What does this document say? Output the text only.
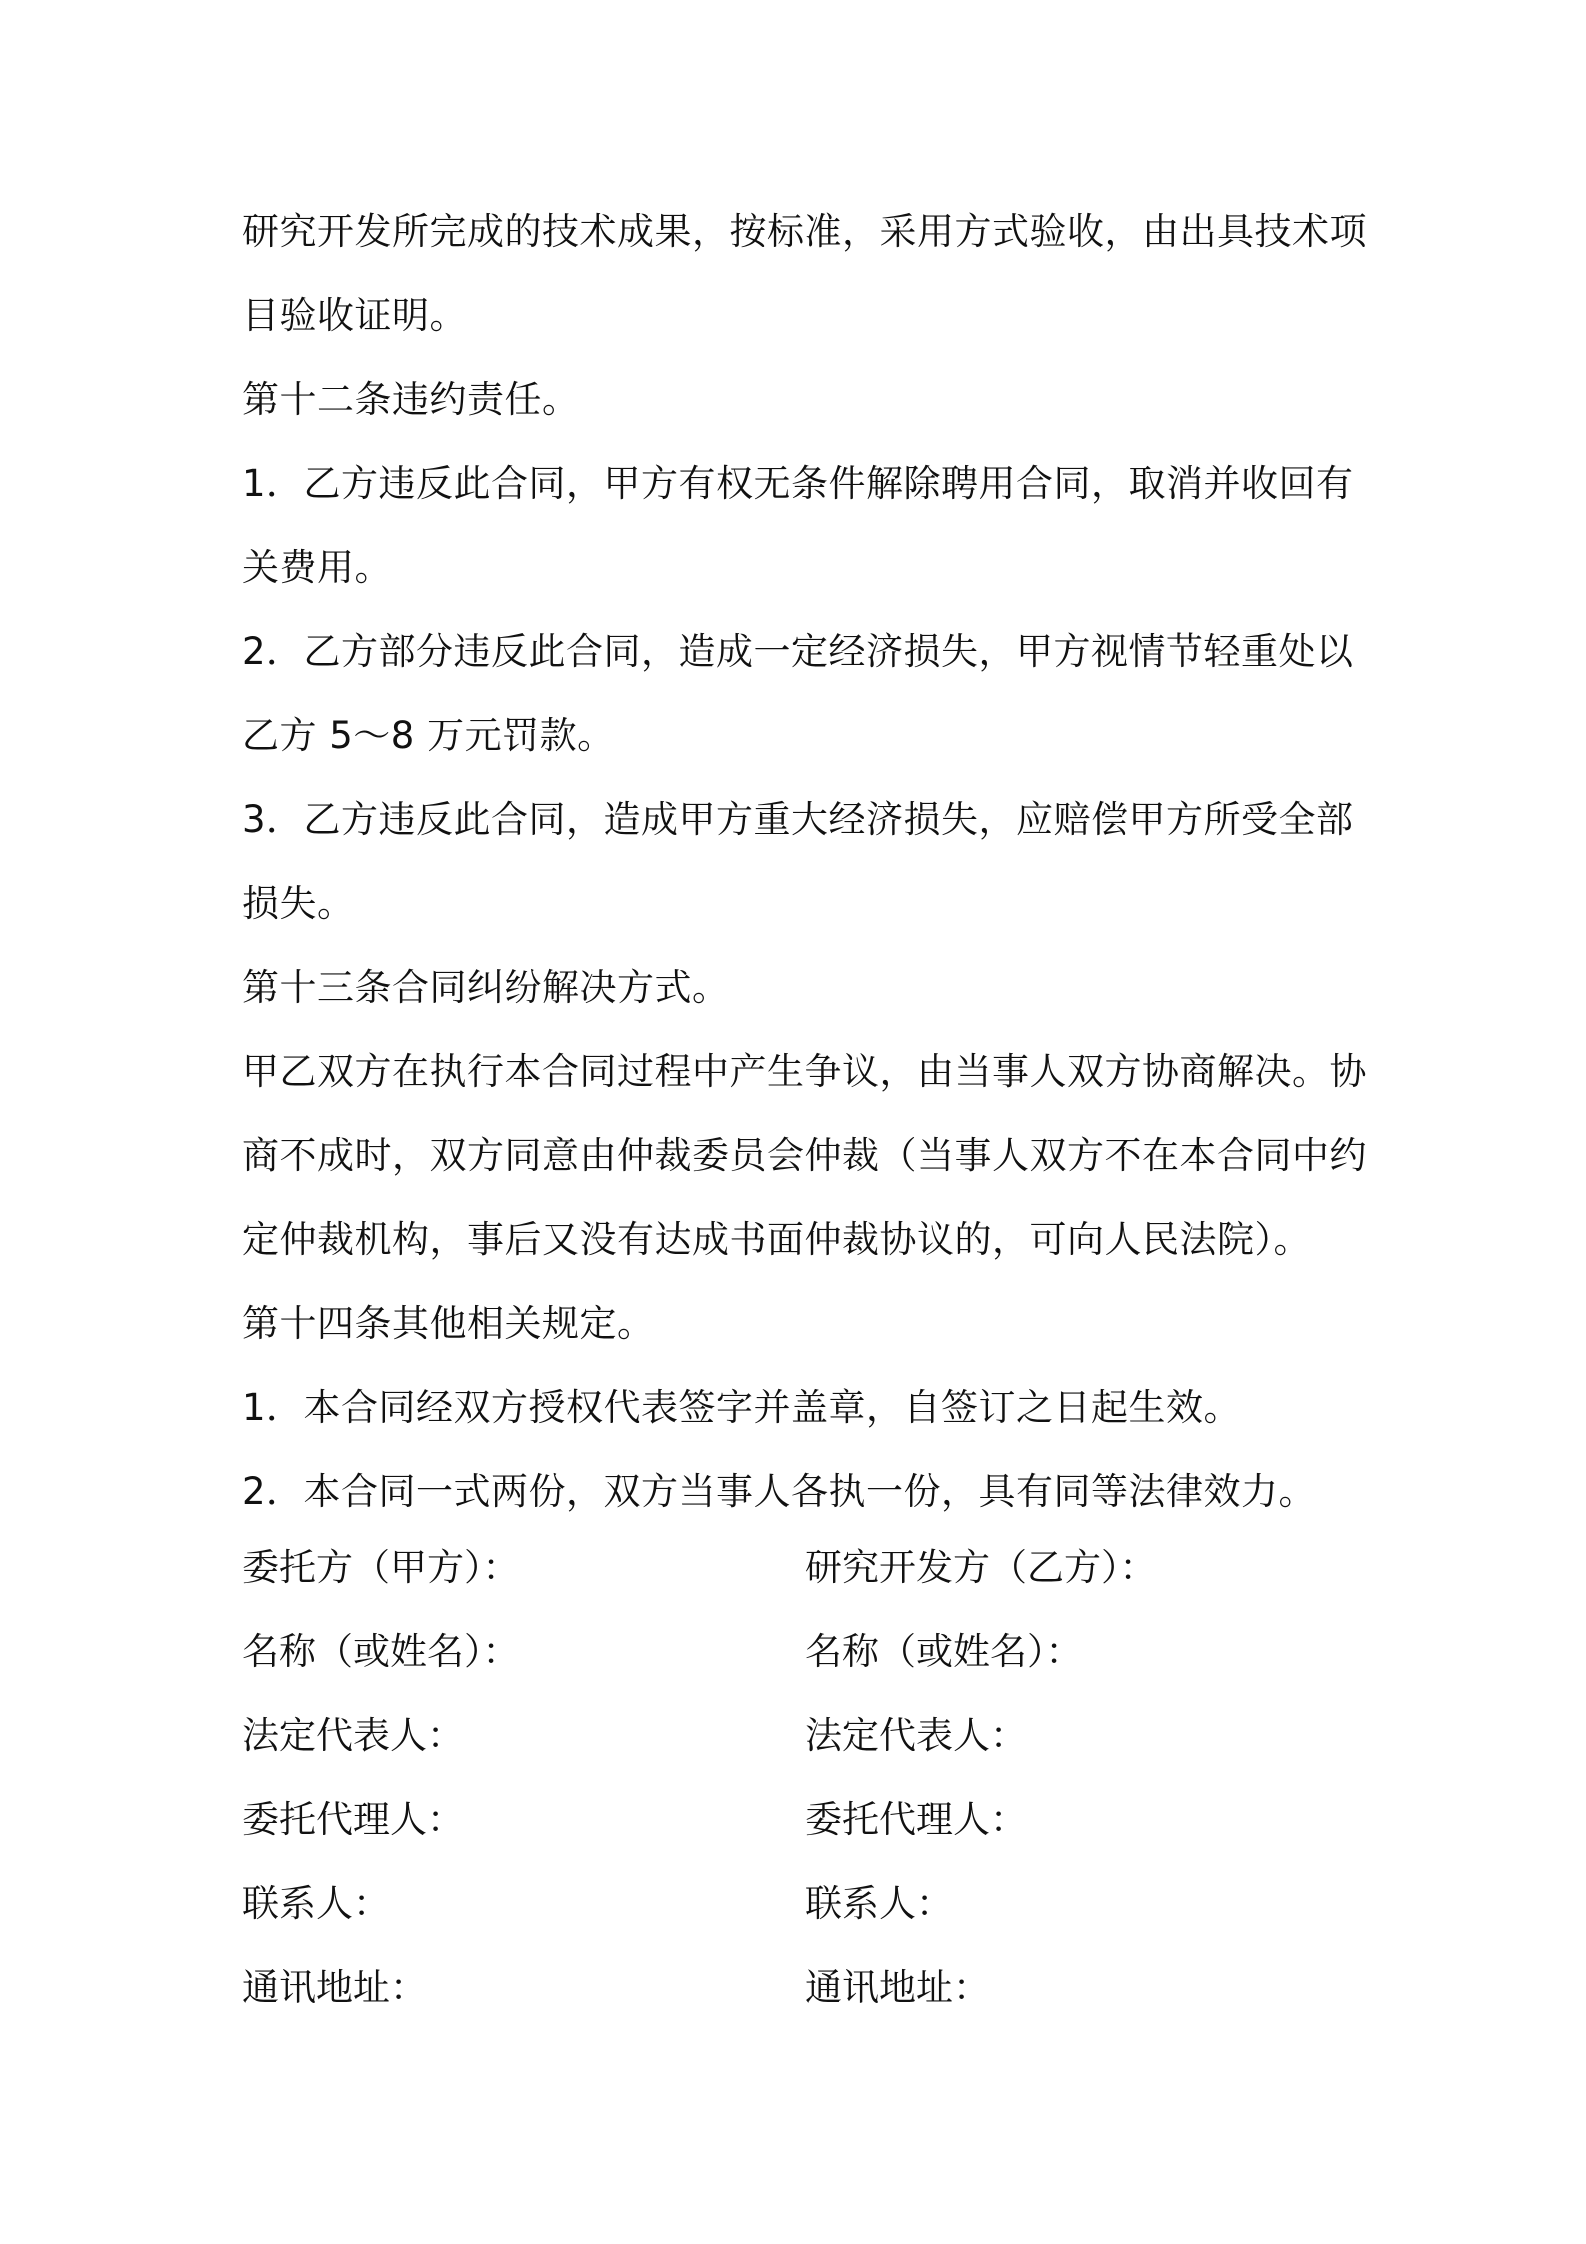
研究开发所完成的技术成果，按标准，采用方式验收，由出具技术项
目验收证明。
第十二条违约责任。
1．乙方违反此合同，甲方有权无条件解除聘用合同，取消并收回有
关费用。
2．乙方部分违反此合同，造成一定经济损失，甲方视情节轻重处以
乙方 5～8 万元罚款。
3．乙方违反此合同，造成甲方重大经济损失，应赔偿甲方所受全部
损失。
第十三条合同纠纷解决方式。
甲乙双方在执行本合同过程中产生争议，由当事人双方协商解决。协
商不成时，双方同意由仲裁委员会仲裁（当事人双方不在本合同中约
定仲裁机构，事后又没有达成书面仲裁协议的，可向人民法院）。
第十四条其他相关规定。
1．本合同经双方授权代表签字并盖章，自签订之日起生效。
2．本合同一式两份，双方当事人各执一份，具有同等法律效力。
委托方（甲方）：	研究开发方（乙方）：
名称（或姓名）：	名称（或姓名）：
法定代表人：	法定代表人：
委托代理人：	委托代理人：
联系人：	联系人：
通讯地址：	通讯地址：
